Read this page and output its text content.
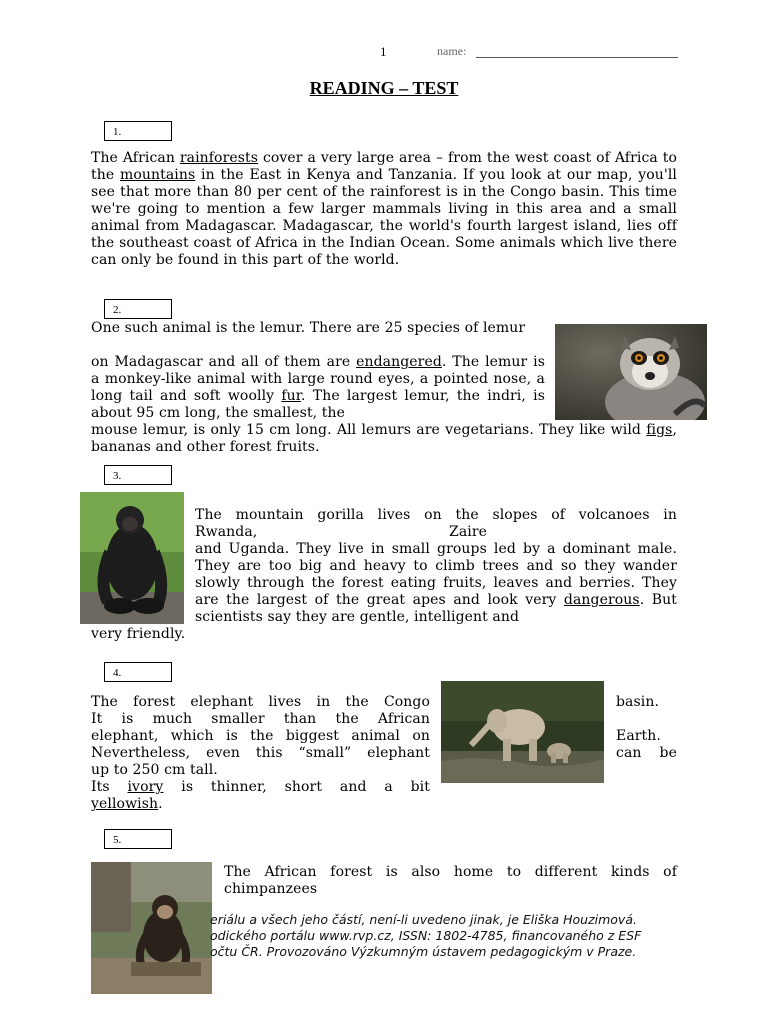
1	name:
READING – TEST
1.
The African rainforests cover a very large area – from the west coast of Africa to the mountains in the East in Kenya and Tanzania. If you look at our map, you'll see that more than 80 per cent of the rainforest is in the Congo basin. This time we're going to mention a few larger mammals living in this area and a small animal from Madagascar. Madagascar, the world's fourth largest island, lies off the southeast coast of Africa in the Indian Ocean. Some animals which live there can only be found in this part of the world.
2.
One such animal is the lemur. There are 25 species of lemur
on Madagascar and all of them are endangered. The lemur is a monkey-like animal with large round eyes, a pointed nose, a long tail and soft woolly fur. The largest lemur, the indri, is about 95 cm long, the smallest, the
mouse lemur, is only 15 cm long. All lemurs are vegetarians. They like wild figs, bananas and other forest fruits.
3.
The mountain gorilla lives on the slopes of volcanoes in
Rwanda,	Zaire
and Uganda. They live in small groups led by a dominant male. They are too big and heavy to climb trees and so they wander slowly through the forest eating fruits, leaves and berries. They are the largest of the great apes and look very dangerous. But scientists say they are gentle, intelligent and
very friendly.
4.
The forest elephant lives in the Congo
It is much smaller than the African
elephant, which is the biggest animal on
Nevertheless, even this “small” elephant
up to 250 cm tall.
Its ivory is thinner, short and a bit
yellowish.
basin.
Earth.
can be
5.
The African forest is also home to different kinds of chimpanzees
eriálu a všech jeho částí, není-li uvedeno jinak, je Eliška Houzimová.
odického portálu www.rvp.cz, ISSN: 1802-4785, financovaného z ESF
očtu ČR. Provozováno Výzkumným ústavem pedagogickým v Praze.
